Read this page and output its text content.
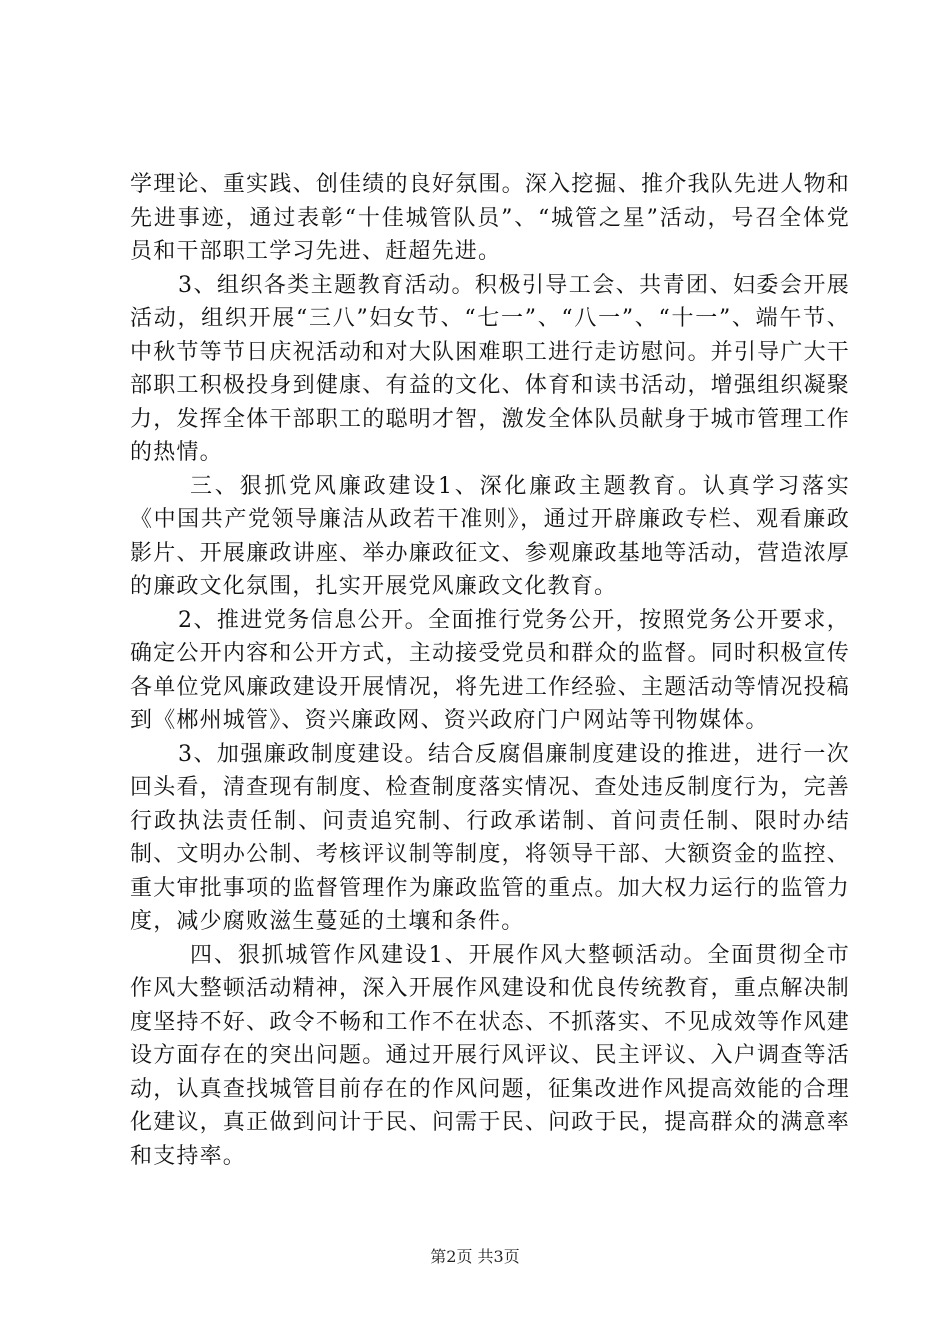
学理论、重实践、创佳绩的良好氛围。深入挖掘、推介我队先进人物和先进事迹，通过表彰“十佳城管队员”、“城管之星”活动，号召全体党员和干部职工学习先进、赶超先进。

3、组织各类主题教育活动。积极引导工会、共青团、妇委会开展活动，组织开展“三八”妇女节、“七一”、“八一”、“十一”、端午节、中秋节等节日庆祝活动和对大队困难职工进行走访慰问。并引导广大干部职工积极投身到健康、有益的文化、体育和读书活动，增强组织凝聚力，发挥全体干部职工的聪明才智，激发全体队员献身于城市管理工作的热情。

三、狠抓党风廉政建设1、深化廉政主题教育。认真学习落实《中国共产党领导廉洁从政若干准则》，通过开辟廉政专栏、观看廉政影片、开展廉政讲座、举办廉政征文、参观廉政基地等活动，营造浓厚的廉政文化氛围，扎实开展党风廉政文化教育。

2、推进党务信息公开。全面推行党务公开，按照党务公开要求，确定公开内容和公开方式，主动接受党员和群众的监督。同时积极宣传各单位党风廉政建设开展情况，将先进工作经验、主题活动等情况投稿到《郴州城管》、资兴廉政网、资兴政府门户网站等刊物媒体。

3、加强廉政制度建设。结合反腐倡廉制度建设的推进，进行一次回头看，清查现有制度、检查制度落实情况、查处违反制度行为，完善行政执法责任制、问责追究制、行政承诺制、首问责任制、限时办结制、文明办公制、考核评议制等制度，将领导干部、大额资金的监控、重大审批事项的监督管理作为廉政监管的重点。加大权力运行的监管力度，减少腐败滋生蔓延的土壤和条件。

四、狠抓城管作风建设1、开展作风大整顿活动。全面贯彻全市作风大整顿活动精神，深入开展作风建设和优良传统教育，重点解决制度坚持不好、政令不畅和工作不在状态、不抓落实、不见成效等作风建设方面存在的突出问题。通过开展行风评议、民主评议、入户调查等活动，认真查找城管目前存在的作风问题，征集改进作风提高效能的合理化建议，真正做到问计于民、问需于民、问政于民，提高群众的满意率和支持率。

第2页 共3页
